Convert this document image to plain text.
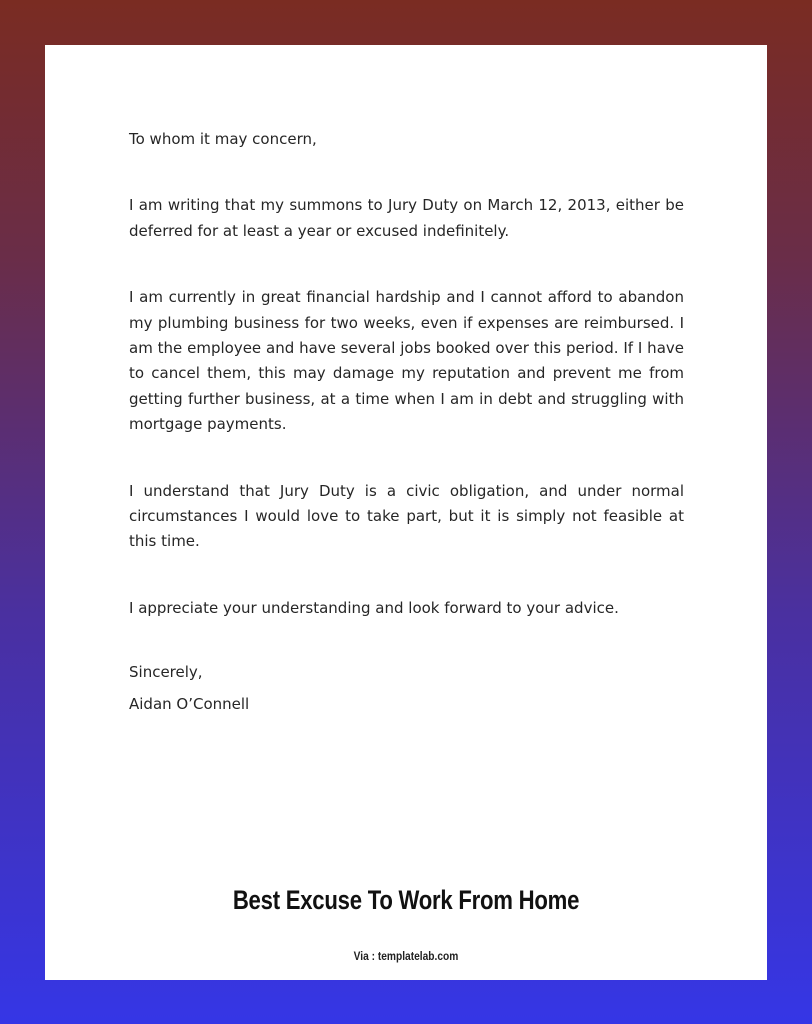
To whom it may concern,

I am writing that my summons to Jury Duty on March 12, 2013, either be deferred for at least a year or excused indefinitely.

I am currently in great financial hardship and I cannot afford to abandon my plumbing business for two weeks, even if expenses are reimbursed. I am the employee and have several jobs booked over this period. If I have to cancel them, this may damage my reputation and prevent me from getting further business, at a time when I am in debt and struggling with mortgage payments.

I understand that Jury Duty is a civic obligation, and under normal circumstances I would love to take part, but it is simply not feasible at this time.

I appreciate your understanding and look forward to your advice.

Sincerely,

Aidan O’Connell

Best Excuse To Work From Home
Via : templatelab.com
